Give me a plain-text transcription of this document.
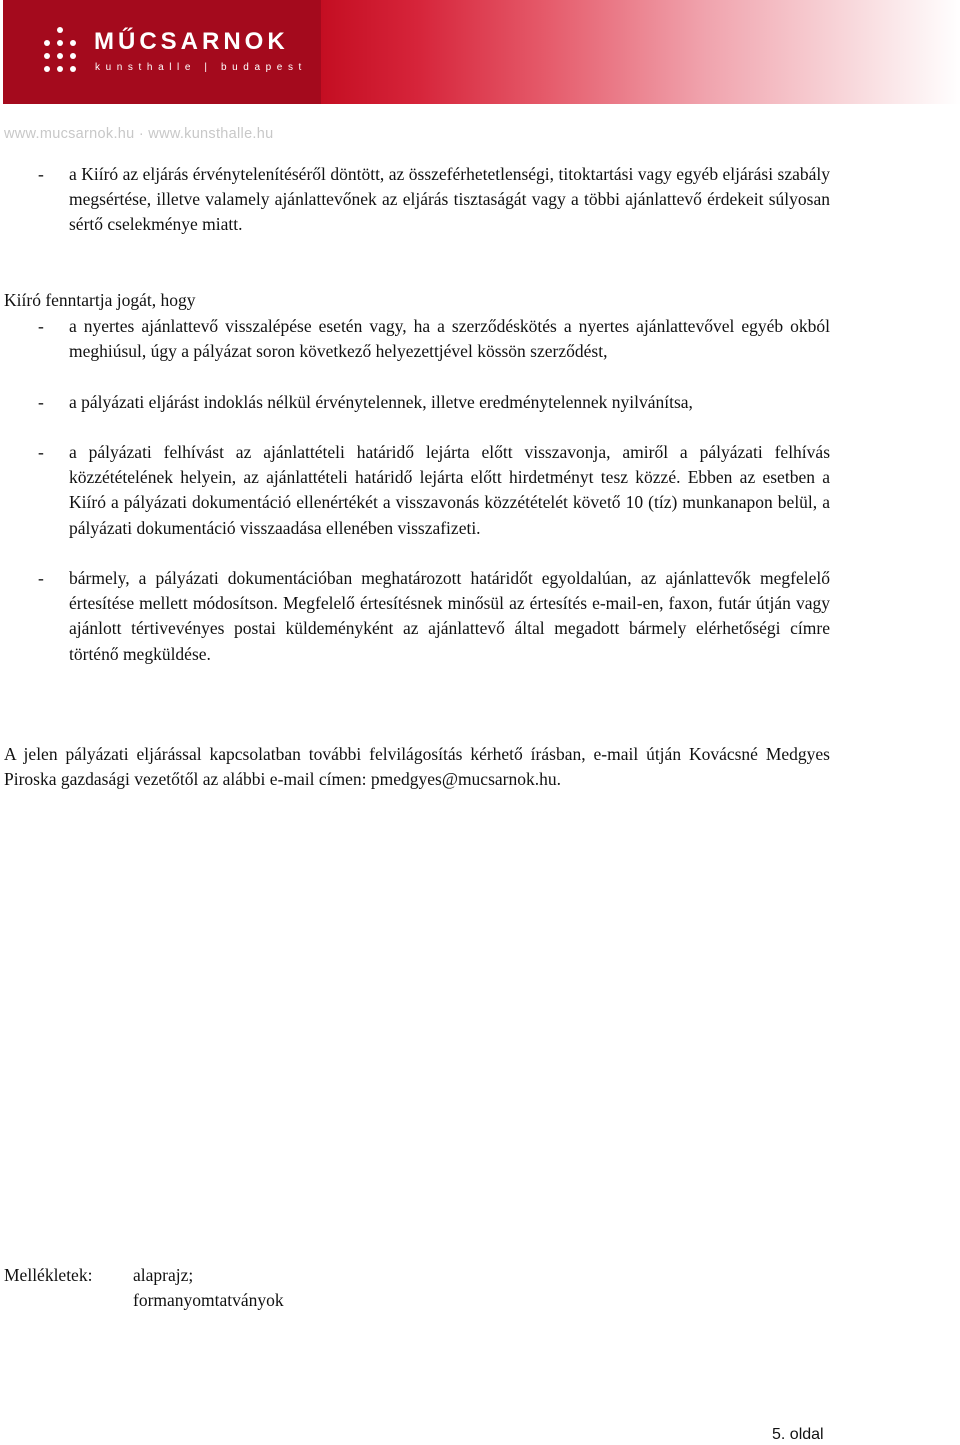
MŰCSARNOK
kunsthalle | budapest
www.mucsarnok.hu · www.kunsthalle.hu
- a Kiíró az eljárás érvénytelenítéséről döntött, az összeférhetetlenségi, titoktartási vagy egyéb eljárási szabály megsértése, illetve valamely ajánlattevőnek az eljárás tisztaságát vagy a többi ajánlattevő érdekeit súlyosan sértő cselekménye miatt.
Kiíró fenntartja jogát, hogy
- a nyertes ajánlattevő visszalépése esetén vagy, ha a szerződéskötés a nyertes ajánlattevővel egyéb okból meghiúsul, úgy a pályázat soron következő helyezettjével kössön szerződést,
- a pályázati eljárást indoklás nélkül érvénytelennek, illetve eredménytelennek nyilvánítsa,
- a pályázati felhívást az ajánlattételi határidő lejárta előtt visszavonja, amiről a pályázati felhívás közzétételének helyein, az ajánlattételi határidő lejárta előtt hirdetményt tesz közzé. Ebben az esetben a Kiíró a pályázati dokumentáció ellenértékét a visszavonás közzétételét követő 10 (tíz) munkanapon belül, a pályázati dokumentáció visszaadása ellenében visszafizeti.
- bármely, a pályázati dokumentációban meghatározott határidőt egyoldalúan, az ajánlattevők megfelelő értesítése mellett módosítson. Megfelelő értesítésnek minősül az értesítés e-mail-en, faxon, futár útján vagy ajánlott tértivevényes postai küldeményként az ajánlattevő által megadott bármely elérhetőségi címre történő megküldése.
A jelen pályázati eljárással kapcsolatban további felvilágosítás kérhető írásban, e-mail útján Kovácsné Medgyes Piroska gazdasági vezetőtől az alábbi e-mail címen: pmedgyes@mucsarnok.hu.
Mellékletek: alaprajz;
formanyomtatványok
5. oldal
